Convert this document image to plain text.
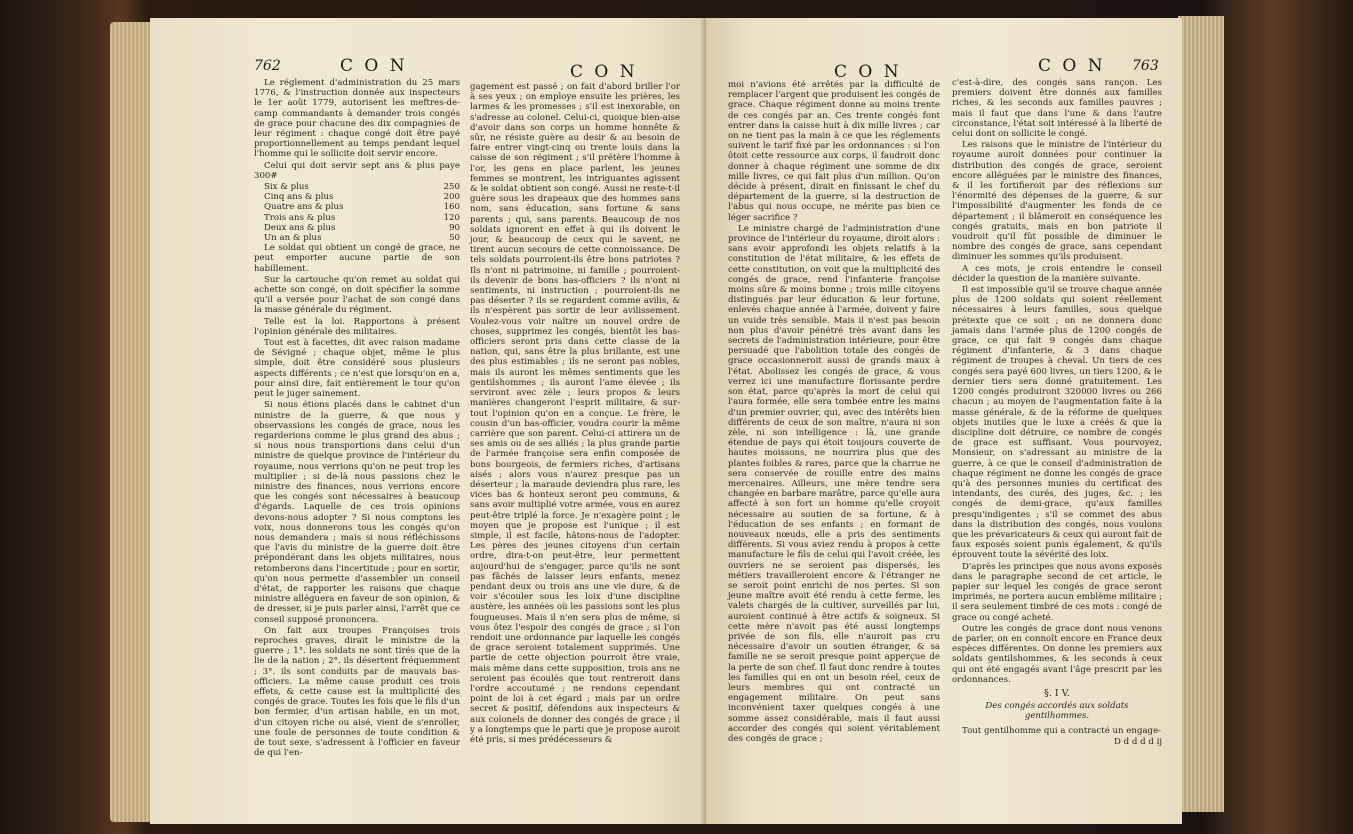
762	C O N	C O N

Le réglement d'administration du 25 mars 1776, & l'instruction donnée aux inspecteurs le 1er août 1779, autorisent les meftres-de-camp commandants à demander trois congés de grace pour chacune des dix compagnies de leur régiment : chaque congé doit être payé proportionnellement au temps pendant lequel l'homme qui le sollicite doit servir encore.

Celui qui doit servir sept ans & plus paye 300#

Six & plus	250
Cinq ans & plus	200
Quatre ans & plus	160
Trois ans & plus	120
Deux ans & plus	90
Un an & plus	50

Le soldat qui obtient un congé de grace, ne peut emporter aucune partie de son habillement.

Sur la cartouche qu'on remet au soldat qui achette son congé, on doit spécifier la somme qu'il a versée pour l'achat de son congé dans la masse générale du régiment.

Telle est la loi. Rapportons à présent l'opinion générale des militaires.

Tout est à facettes, dit avec raison madame de Sévigné ; chaque objet, même le plus simple, doit être considéré sous plusieurs aspects différents ; ce n'est que lorsqu'on en a, pour ainsi dire, fait entièrement le tour qu'on peut le juger sainement.

Si nous étions placés dans le cabinet d'un ministre de la guerre, & que nous y observassions les congés de grace, nous les regarderions comme le plus grand des abus ; si nous nous transportions dans celui d'un ministre de quelque province de l'intérieur du royaume, nous verrions qu'on ne peut trop les multiplier ; si de-là nous passions chez le ministre des finances, nous verrions encore que les congés sont nécessaires à beaucoup d'égards. Laquelle de ces trois opinions devons-nous adopter ? Si nous comptons les voix, nous donnerons tous les congés qu'on nous demandera ; mais si nous réfléchissons que l'avis du ministre de la guerre doit être prépondérant dans les objets militaires, nous retomberons dans l'incertitude ; pour en sortir, qu'on nous permette d'assembler un conseil d'état, de rapporter les raisons que chaque ministre alléguera en faveur de son opinion, & de dresser, si je puis parler ainsi, l'arrêt que ce conseil supposé prononcera.

On fait aux troupes Françoises trois reproches graves, dirait le ministre de la guerre ; 1°. les soldats ne sont tirés que de la lie de la nation ; 2°. ils désertent fréquemment ; 3°. ils sont conduits par de mauvais bas-officiers. La même cause produit ces trois effets, & cette cause est la multiplicité des congés de grace. Toutes les fois que le fils d'un bon fermier, d'un artisan habile, en un mot, d'un citoyen riche ou aisé, vient de s'enroller, une foule de personnes de toute condition & de tout sexe, s'adressent à l'officier en faveur de qui l'en-

gagement est passé ; on fait d'abord briller l'or à ses yeux ; on employe ensuite les prières, les larmes & les promesses ; s'il est inexorable, on s'adresse au colonel. Celui-ci, quoique bien-aise d'avoir dans son corps un homme honnête & sûr, ne résiste guère au desir & au besoin de faire entrer vingt-cinq ou trente louis dans la caisse de son régiment ; s'il prétère l'homme à l'or, les gens en place parlent, les jeunes femmes se montrent, les intriguantes agissent & le soldat obtient son congé. Aussi ne reste-t-il guère sous les drapeaux que des hommes sans nom, sans éducation, sans fortune & sans parents ; qui, sans parents. Beaucoup de nos soldats ignorent en effet à qui ils doivent le jour, & beaucoup de ceux qui le savent, ne tirent aucun secours de cette connoissance. De tels soldats pourroient-ils être bons patriotes ? Ils n'ont ni patrimoine, ni famille ; pourroient-ils devenir de bons bas-officiers ? ils n'ont ni sentiments, ni instruction ; pourroient-ils ne pas déserter ? ils se regardent comme avilis, & ils n'espèrent pas sortir de leur avilissement. Voulez-vous voir naître un nouvel ordre de choses, supprimez les congés, bientôt les bas-officiers seront pris dans cette classe de la nation, qui, sans être la plus brillante, est une des plus estimables ; ils ne seront pas nobles, mais ils auront les mêmes sentiments que les gentilshommes ; ils auront l'ame élevée ; ils serviront avec zèle ; leurs propos & leurs manières changeront l'esprit militaire, & sur-tout l'opinion qu'on en a conçue. Le frère, le cousin d'un bas-officier, voudra courir la même carrière que son parent. Celui-ci attirera un de ses amis ou de ses alliés ; la plus grande partie de l'armée françoise sera enfin composée de bons bourgeois, de fermiers riches, d'artisans aisés ; alors vous n'aurez presque pas un déserteur ; la maraude deviendra plus rare, les vices bas & honteux seront peu communs, & sans avoir multiplié votre armée, vous en aurez peut-être triplé la force. Je n'exagère point ; le moyen que je propose est l'unique ; il est simple, il est facile, hâtons-nous de l'adopter. Les pères des jeunes citoyens d'un certain ordre, dira-t-on peut-être, leur permettent aujourd'hui de s'engager, parce qu'ils ne sont pas fâchés de laisser leurs enfants, menez pendant deux ou trois ans une vie dure, & de voir s'écouler sous les loix d'une discipline austère, les années où les passions sont les plus fougueuses. Mais il n'en sera plus de même, si vous ôtez l'espoir des congés de grace ; si l'on rendoit une ordonnance par laquelle les congés de grace seroient totalement supprimés. Une partie de cette objection pourroit être vraie, mais même dans cette supposition, trois ans ne seroient pas écoulés que tout rentreroit dans l'ordre accoutumé ; ne rendons cependant point de loi à cet égard ; mais par un ordre secret & positif, défendons aux inspecteurs & aux colonels de donner des congés de grace ; il y a longtemps que le parti que je propose auroit été pris, si mes prédécesseurs &

C O N	C O N 763

moi n'avions été arrêtés par la difficulté de remplacer l'argent que produisent les congés de grace. Chaque régiment donne au moins trente de ces congés par an. Ces trente congés font entrer dans la caisse huit à dix mille livres ; car on ne tient pas la main à ce que les réglements suivent le tarif fixé par les ordonnances : si l'on ôtoit cette ressource aux corps, il faudroit donc donner à chaque régiment une somme de dix mille livres, ce qui fait plus d'un million. Qu'on décide à présent, dirait en finissant le chef du département de la guerre, si la destruction de l'abus qui nous occupe, ne mérite pas bien ce léger sacrifice ?

Le ministre chargé de l'administration d'une province de l'intérieur du royaume, diroit alors : sans avoir approfondi les objets relatifs à la constitution de l'état militaire, & les effets de cette constitution, on voit que la multiplicité des congés de grace, rend l'infanterie françoise moins sûre & moins bonne ; trois mille citoyens distingués par leur éducation & leur fortune, enlevés chaque année à l'armée, doivent y faire un vuide très sensible. Mais il n'est pas besoin non plus d'avoir pénétré très avant dans les secrets de l'administration intérieure, pour être persuadé que l'abolition totale des congés de grace occasionneroit aussi de grands maux à l'état. Abolissez les congés de grace, & vous verrez ici une manufacture florissante perdre son état, parce qu'après la mort de celui qui l'aura formée, elle sera tombée entre les mains d'un premier ouvrier, qui, avec des intérêts bien différents de ceux de son maître, n'aura ni son zèle, ni son intelligence : là, une grande étendue de pays qui étoit toujours couverte de hautes moissons, ne nourrira plus que des plantes foibles & rares, parce que la charrue ne sera conservée de rouille entre des mains mercenaires. Ailleurs, une mère tendre sera changée en barbare marâtre, parce qu'elle aura affecté à son fort un homme qu'elle croyoit nécessaire au soutien de sa fortune, & à l'éducation de ses enfants ; en formant de nouveaux nœuds, elle a pris des sentiments différents. Si vous aviez rendu à propos à cette manufacture le fils de celui qui l'avoit créée, les ouvriers ne se seroient pas dispersés, les métiers travailleroient encore & l'étranger ne se seroit point enrichi de nos pertes. Si son jeune maître avoit été rendu à cette ferme, les valets chargés de la cultiver, surveillés par lui, auroient continué à être actifs & soigneux. Si cette mère n'avoit pas été aussi longtemps privée de son fils, elle n'auroit pas cru nécessaire d'avoir un soutien étranger, & sa famille ne se seroit presque point apperçue de la perte de son chef. Il faut donc rendre à toutes les familles qui en ont un besoin réel, ceux de leurs membres qui ont contracté un engagement militaire. On peut sans inconvénient taxer quelques congés à une somme assez considérable, mais il faut aussi accorder des congés qui soient véritablement des congés de grace ;

c'est-à-dire, des congés sans rançon. Les premiers doivent être donnés aux familles riches, & les seconds aux familles pauvres ; mais il faut que dans l'une & dans l'autre circonstance, l'état soit intéressé à la liberté de celui dont on sollicite le congé.

Les raisons que le ministre de l'intérieur du royaume auroit données pour continuer la distribution des congés de grace, seroient encore alléguées par le ministre des finances, & il les fortifieroit par des réflexions sur l'énormité des dépenses de la guerre, & sur l'impossibilité d'augmenter les fonds de ce département ; il blâmeroit en conséquence les congés gratuits, mais en bon patriote il voudroit qu'il fût possible de diminuer le nombre des congés de grace, sans cependant diminuer les sommes qu'ils produisent.

A ces mots, je crois entendre le conseil décider la question de la manière suivante.

Il est impossible qu'il se trouve chaque année plus de 1200 soldats qui soient réellement nécessaires à leurs familles, sous quelque prétexte que ce soit ; on ne donnera donc jamais dans l'armée plus de 1200 congés de grace, ce qui fait 9 congés dans chaque régiment d'infanterie, & 3 dans chaque régiment de troupes à cheval. Un tiers de ces congés sera payé 600 livres, un tiers 1200, & le dernier tiers sera donné gratuitement. Les 1200 congés produiront 320000 livres ou 266 chacun ; au moyen de l'augmentation faite à la masse générale, & de la réforme de quelques objets inutiles que le luxe a créés & que la discipline doit détruire, ce nombre de congés de grace est suffisant. Vous pourvoyez, Monsieur, on s'adressant au ministre de la guerre, à ce que le conseil d'administration de chaque régiment ne donne les congés de grace qu'à des personnes munies du certificat des intendants, des curés, des juges, &c. ; les congés de demi-grace, qu'aux familles presqu'indigentes ; s'il se commet des abus dans la distribution des congés, nous voulons que les prévaricateurs & ceux qui auront fait de faux exposés soient punis également, & qu'ils éprouvent toute la sévérité des loix.

D'après les principes que nous avons exposés dans le paragraphe second de cet article, le papier sur lequel les congés de grace seront imprimés, ne portera aucun emblème militaire ; il sera seulement timbré de ces mots : congé de grace ou congé acheté.

Outre les congés de grace dont nous venons de parler, on en connoît encore en France deux espèces différentes. On donne les premiers aux soldats gentilshommes, & les seconds à ceux qui ont été engagés avant l'âge prescrit par les ordonnances.

§. I V.

Des congés accordés aux soldats gentilhommes.

Tout gentilhomme qui a contracté un engage-

D d d d d ij
